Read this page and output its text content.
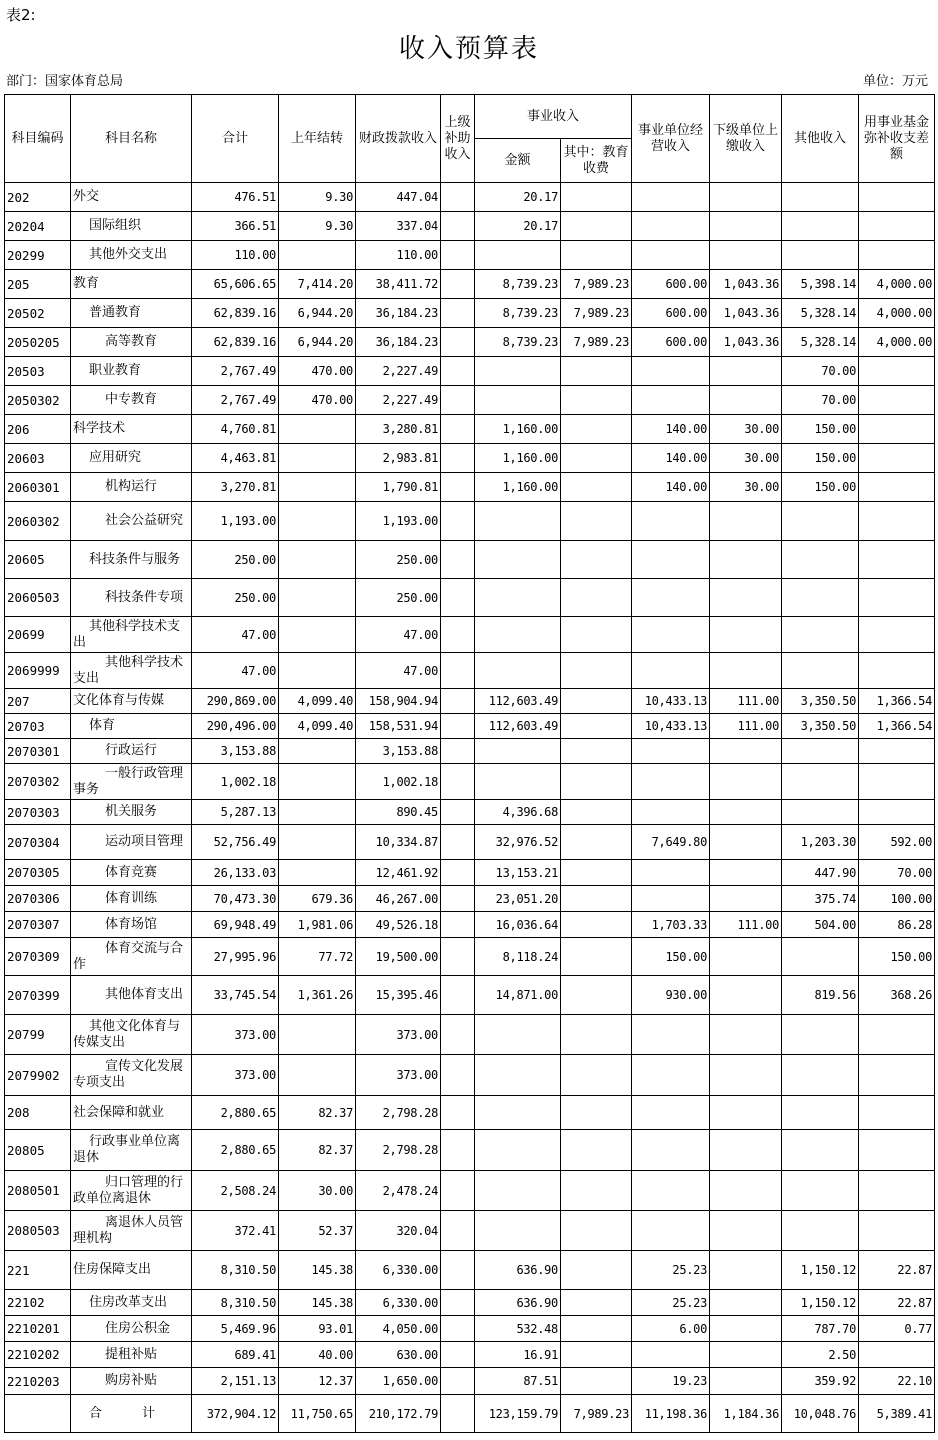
表2:
收入预算表
部门：国家体育总局	单位：万元
科目编码	科目名称	合计	上年结转	财政拨款收入	上级补助收入	事业收入		事业单位经营收入	下级单位上缴收入	其他收入	用事业基金弥补收支差额
						金额	其中：教育收费				
202	外交	476.51	9.30	447.04		20.17					
20204	国际组织	366.51	9.30	337.04		20.17					
20299	其他外交支出	110.00		110.00							
205	教育	65,606.65	7,414.20	38,411.72		8,739.23	7,989.23	600.00	1,043.36	5,398.14	4,000.00
20502	普通教育	62,839.16	6,944.20	36,184.23		8,739.23	7,989.23	600.00	1,043.36	5,328.14	4,000.00
2050205	高等教育	62,839.16	6,944.20	36,184.23		8,739.23	7,989.23	600.00	1,043.36	5,328.14	4,000.00
20503	职业教育	2,767.49	470.00	2,227.49						70.00	
2050302	中专教育	2,767.49	470.00	2,227.49						70.00	
206	科学技术	4,760.81		3,280.81		1,160.00		140.00	30.00	150.00	
20603	应用研究	4,463.81		2,983.81		1,160.00		140.00	30.00	150.00	
2060301	机构运行	3,270.81		1,790.81		1,160.00		140.00	30.00	150.00	
2060302	社会公益研究	1,193.00		1,193.00							
20605	科技条件与服务	250.00		250.00							
2060503	科技条件专项	250.00		250.00							
20699	其他科学技术支出	47.00		47.00							
2069999	其他科学技术支出	47.00		47.00							
207	文化体育与传媒	290,869.00	4,099.40	158,904.94		112,603.49		10,433.13	111.00	3,350.50	1,366.54
20703	体育	290,496.00	4,099.40	158,531.94		112,603.49		10,433.13	111.00	3,350.50	1,366.54
2070301	行政运行	3,153.88		3,153.88							
2070302	一般行政管理事务	1,002.18		1,002.18							
2070303	机关服务	5,287.13		890.45		4,396.68					
2070304	运动项目管理	52,756.49		10,334.87		32,976.52		7,649.80		1,203.30	592.00
2070305	体育竞赛	26,133.03		12,461.92		13,153.21				447.90	70.00
2070306	体育训练	70,473.30	679.36	46,267.00		23,051.20				375.74	100.00
2070307	体育场馆	69,948.49	1,981.06	49,526.18		16,036.64		1,703.33	111.00	504.00	86.28
2070309	体育交流与合作	27,995.96	77.72	19,500.00		8,118.24		150.00			150.00
2070399	其他体育支出	33,745.54	1,361.26	15,395.46		14,871.00		930.00		819.56	368.26
20799	其他文化体育与传媒支出	373.00		373.00							
2079902	宣传文化发展专项支出	373.00		373.00							
208	社会保障和就业	2,880.65	82.37	2,798.28							
20805	行政事业单位离退休	2,880.65	82.37	2,798.28							
2080501	归口管理的行政单位离退休	2,508.24	30.00	2,478.24							
2080503	离退休人员管理机构	372.41	52.37	320.04							
221	住房保障支出	8,310.50	145.38	6,330.00		636.90		25.23		1,150.12	22.87
22102	住房改革支出	8,310.50	145.38	6,330.00		636.90		25.23		1,150.12	22.87
2210201	住房公积金	5,469.96	93.01	4,050.00		532.48		6.00		787.70	0.77
2210202	提租补贴	689.41	40.00	630.00		16.91				2.50	
2210203	购房补贴	2,151.13	12.37	1,650.00		87.51		19.23		359.92	22.10
	合 计	372,904.12	11,750.65	210,172.79		123,159.79	7,989.23	11,198.36	1,184.36	10,048.76	5,389.41
